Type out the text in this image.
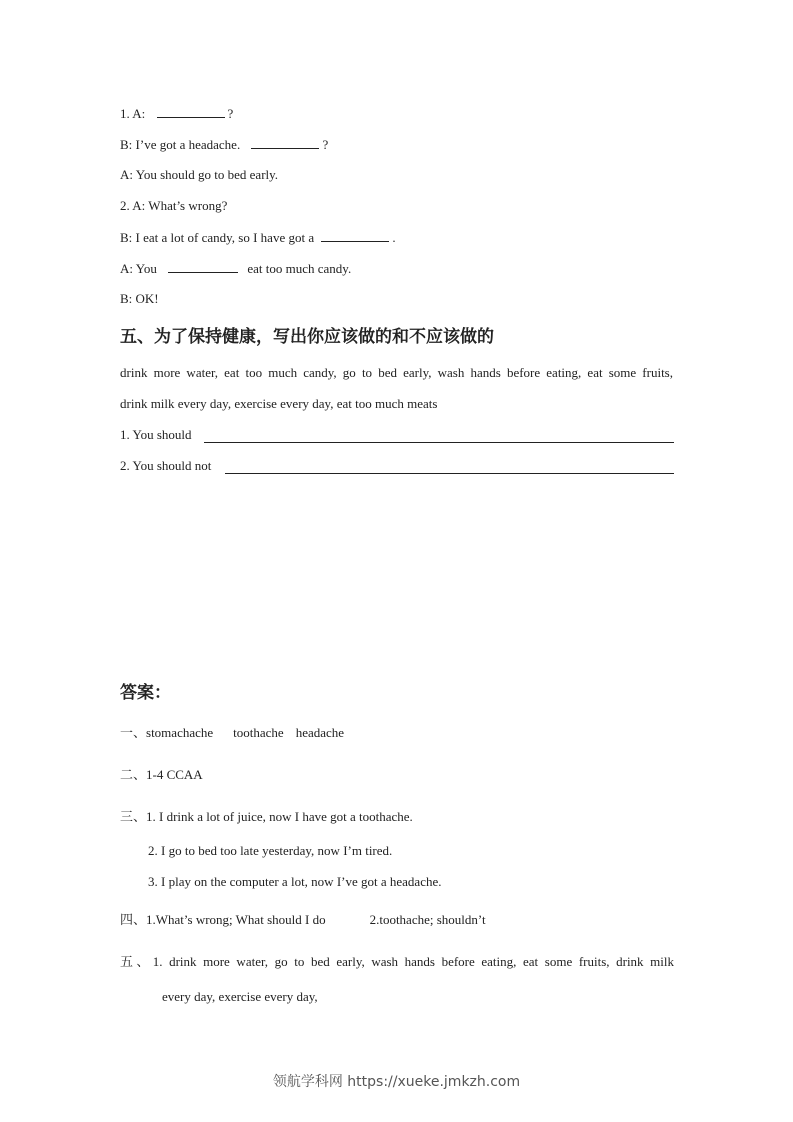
1. A:	?
B: I’ve got a headache.	?
A: You should go to bed early.
2. A: What’s wrong?
B: I eat a lot of candy, so I have got a	.
A: You	eat too much candy.
B: OK!
五、为了保持健康，写出你应该做的和不应该做的
drink more water, eat too much candy, go to bed early, wash hands before eating, eat some fruits,
drink milk every day, exercise every day, eat too much meats
1. You should
2. You should not
答案：
一、stomachache toothache headache
二、1-4 CCAA
三、1. I drink a lot of juice, now I have got a toothache.
2. I go to bed too late yesterday, now I’m tired.
3. I play on the computer a lot, now I’ve got a headache.
四、1.What’s wrong; What should I do	2.toothache; shouldn’t
五、1. drink more water, go to bed early, wash hands before eating, eat some fruits, drink milk
every day, exercise every day,
领航学科网 https://xueke.jmkzh.com
